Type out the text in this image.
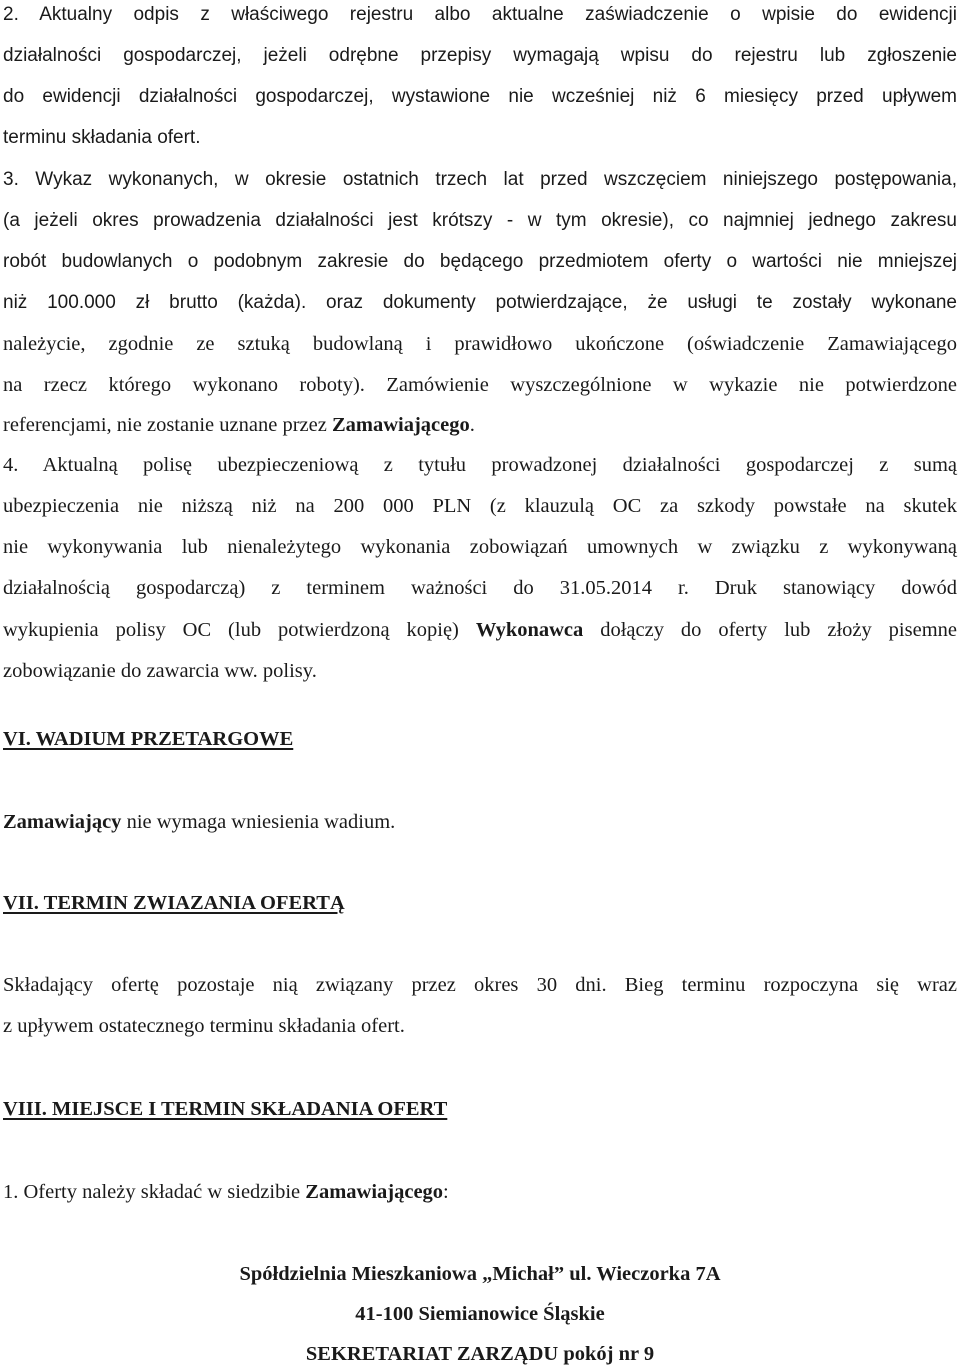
2. Aktualny odpis z właściwego rejestru albo aktualne zaświadczenie o wpisie do ewidencji

działalności gospodarczej, jeżeli odrębne przepisy wymagają wpisu do rejestru lub zgłoszenie

do ewidencji działalności gospodarczej, wystawione nie wcześniej niż 6 miesięcy przed upływem

terminu składania ofert.

3. Wykaz wykonanych, w okresie ostatnich trzech lat przed wszczęciem niniejszego postępowania,

(a jeżeli okres prowadzenia działalności jest krótszy - w tym okresie), co najmniej jednego zakresu

robót budowlanych o podobnym zakresie do będącego przedmiotem oferty o wartości nie mniejszej

niż 100.000 zł brutto (każda). oraz dokumenty potwierdzające, że usługi te zostały wykonane

należycie, zgodnie ze sztuką budowlaną i prawidłowo ukończone (oświadczenie Zamawiającego

na rzecz którego wykonano roboty). Zamówienie wyszczególnione w wykazie nie potwierdzone

referencjami, nie zostanie uznane przez Zamawiającego.

4. Aktualną polisę ubezpieczeniową z tytułu prowadzonej działalności gospodarczej z sumą

ubezpieczenia nie niższą niż na 200 000 PLN (z klauzulą OC za szkody powstałe na skutek

nie wykonywania lub nienależytego wykonania zobowiązań umownych w związku z wykonywaną

działalnością gospodarczą) z terminem ważności do 31.05.2014 r. Druk stanowiący dowód

wykupienia polisy OC (lub potwierdzoną kopię) Wykonawca dołączy do oferty lub złoży pisemne

zobowiązanie do zawarcia ww. polisy.

VI. WADIUM PRZETARGOWE

Zamawiający nie wymaga wniesienia wadium.

VII. TERMIN ZWIAZANIA OFERTĄ

Składający ofertę pozostaje nią związany przez okres 30 dni. Bieg terminu rozpoczyna się wraz

z upływem ostatecznego terminu składania ofert.

VIII. MIEJSCE I TERMIN SKŁADANIA OFERT

1. Oferty należy składać w siedzibie Zamawiającego:

Spółdzielnia Mieszkaniowa „Michał” ul. Wieczorka 7A

41-100 Siemianowice Śląskie

SEKRETARIAT ZARZĄDU pokój nr 9
